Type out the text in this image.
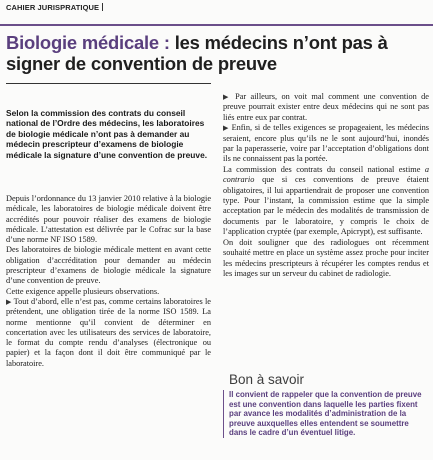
CAHIER JURISPRATIQUE
Biologie médicale : les médecins n’ont pas à signer de convention de preuve
Selon la commission des contrats du conseil national de l’Ordre des médecins, les laboratoires de biologie médicale n’ont pas à demander au médecin prescripteur d’examens de biologie médicale la signature d’une convention de preuve.

Depuis l’ordonnance du 13 janvier 2010 relative à la biologie médicale, les laboratoires de biologie médicale doivent être accrédités pour pouvoir réaliser des examens de biologie médicale. L’attestation est délivrée par le Cofrac sur la base d’une norme NF ISO 1589.

Des laboratoires de biologie médicale mettent en avant cette obligation d’accréditation pour demander au médecin prescripteur d’examens de biologie médicale la signature d’une convention de preuve.

Cette exigence appelle plusieurs observations.

▶ Tout d’abord, elle n’est pas, comme certains laboratoires le prétendent, une obligation tirée de la norme ISO 1589. La norme mentionne qu’il convient de déterminer en concertation avec les utilisateurs des services de laboratoire, le format du compte rendu d’analyses (électronique ou papier) et la façon dont il doit être communiqué par le laboratoire.

▶ Par ailleurs, on voit mal comment une convention de preuve pourrait exister entre deux médecins qui ne sont pas liés entre eux par contrat.

▶ Enfin, si de telles exigences se propageaient, les médecins seraient, encore plus qu’ils ne le sont aujourd’hui, inondés par la paperasserie, voire par l’acceptation d’obligations dont ils ne connaissent pas la portée.

La commission des contrats du conseil national estime a contrario que si ces conventions de preuve étaient obligatoires, il lui appartiendrait de proposer une convention type. Pour l’instant, la commission estime que la simple acceptation par le médecin des modalités de transmission de documents par le laboratoire, y compris le choix de l’application cryptée (par exemple, Apicrypt), est suffisante.

On doit souligner que des radiologues ont récemment souhaité mettre en place un système assez proche pour inciter les médecins prescripteurs à récupérer les comptes rendus et les images sur un serveur du cabinet de radiologie.

Bon à savoir
Il convient de rappeler que la convention de preuve est une convention dans laquelle les parties fixent par avance les modalités d’administration de la preuve auxquelles elles entendent se soumettre dans le cadre d’un éventuel litige.
